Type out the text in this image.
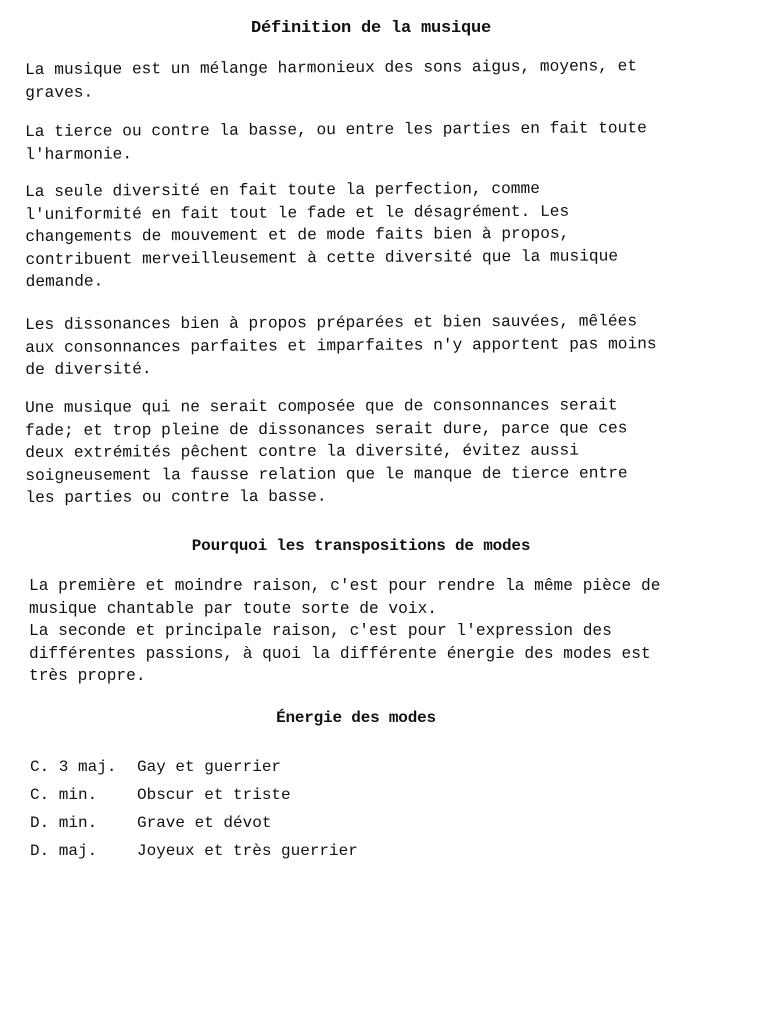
Définition de la musique
La musique est un mélange harmonieux des sons aigus, moyens, et
graves.
La tierce ou contre la basse, ou entre les parties en fait toute
l'harmonie.
La seule diversité en fait toute la perfection, comme
l'uniformité en fait tout le fade et le désagrément. Les
changements de mouvement et de mode faits bien à propos,
contribuent merveilleusement à cette diversité que la musique
demande.
Les dissonances bien à propos préparées et bien sauvées, mêlées
aux consonnances parfaites et imparfaites n'y apportent pas moins
de diversité.
Une musique qui ne serait composée que de consonnances serait
fade; et trop pleine de dissonances serait dure, parce que ces
deux extrémités pêchent contre la diversité, évitez aussi
soigneusement la fausse relation que le manque de tierce entre
les parties ou contre la basse.
Pourquoi les transpositions de modes
La première et moindre raison, c'est pour rendre la même pièce de
musique chantable par toute sorte de voix.
La seconde et principale raison, c'est pour l'expression des
différentes passions, à quoi la différente énergie des modes est
très propre.
Énergie des modes
C. 3 maj.	Gay et guerrier
C. min.	Obscur et triste
D. min.	Grave et dévot
D. maj.	Joyeux et très guerrier
